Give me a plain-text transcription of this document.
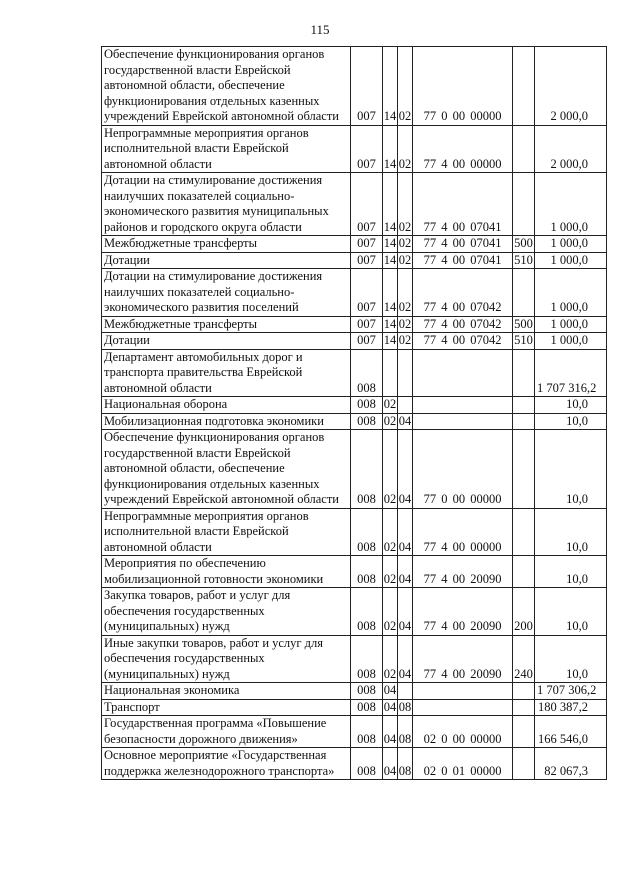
115
Обеспечение функционирования органов государственной власти Еврейской автономной области, обеспечение функционирования отдельных казенных учреждений Еврейской автономной области	007	14	02	77 0 00 00000		2 000,0
Непрограммные мероприятия органов исполнительной власти Еврейской автономной области	007	14	02	77 4 00 00000		2 000,0
Дотации на стимулирование достижения наилучших показателей социально-экономического развития муниципальных районов и городского округа области	007	14	02	77 4 00 07041		1 000,0
Межбюджетные трансферты	007	14	02	77 4 00 07041	500	1 000,0
Дотации	007	14	02	77 4 00 07041	510	1 000,0
Дотации на стимулирование достижения наилучших показателей социально-экономического развития поселений	007	14	02	77 4 00 07042		1 000,0
Межбюджетные трансферты	007	14	02	77 4 00 07042	500	1 000,0
Дотации	007	14	02	77 4 00 07042	510	1 000,0
Департамент автомобильных дорог и транспорта правительства Еврейской автономной области	008					1 707 316,2
Национальная оборона	008	02				10,0
Мобилизационная подготовка экономики	008	02	04			10,0
Обеспечение функционирования органов государственной власти Еврейской автономной области, обеспечение функционирования отдельных казенных учреждений Еврейской автономной области	008	02	04	77 0 00 00000		10,0
Непрограммные мероприятия органов исполнительной власти Еврейской автономной области	008	02	04	77 4 00 00000		10,0
Мероприятия по обеспечению мобилизационной готовности экономики	008	02	04	77 4 00 20090		10,0
Закупка товаров, работ и услуг для обеспечения государственных (муниципальных) нужд	008	02	04	77 4 00 20090	200	10,0
Иные закупки товаров, работ и услуг для обеспечения государственных (муниципальных) нужд	008	02	04	77 4 00 20090	240	10,0
Национальная экономика	008	04				1 707 306,2
Транспорт	008	04	08			180 387,2
Государственная программа «Повышение безопасности дорожного движения»	008	04	08	02 0 00 00000		166 546,0
Основное мероприятие «Государственная поддержка железнодорожного транспорта»	008	04	08	02 0 01 00000		82 067,3
